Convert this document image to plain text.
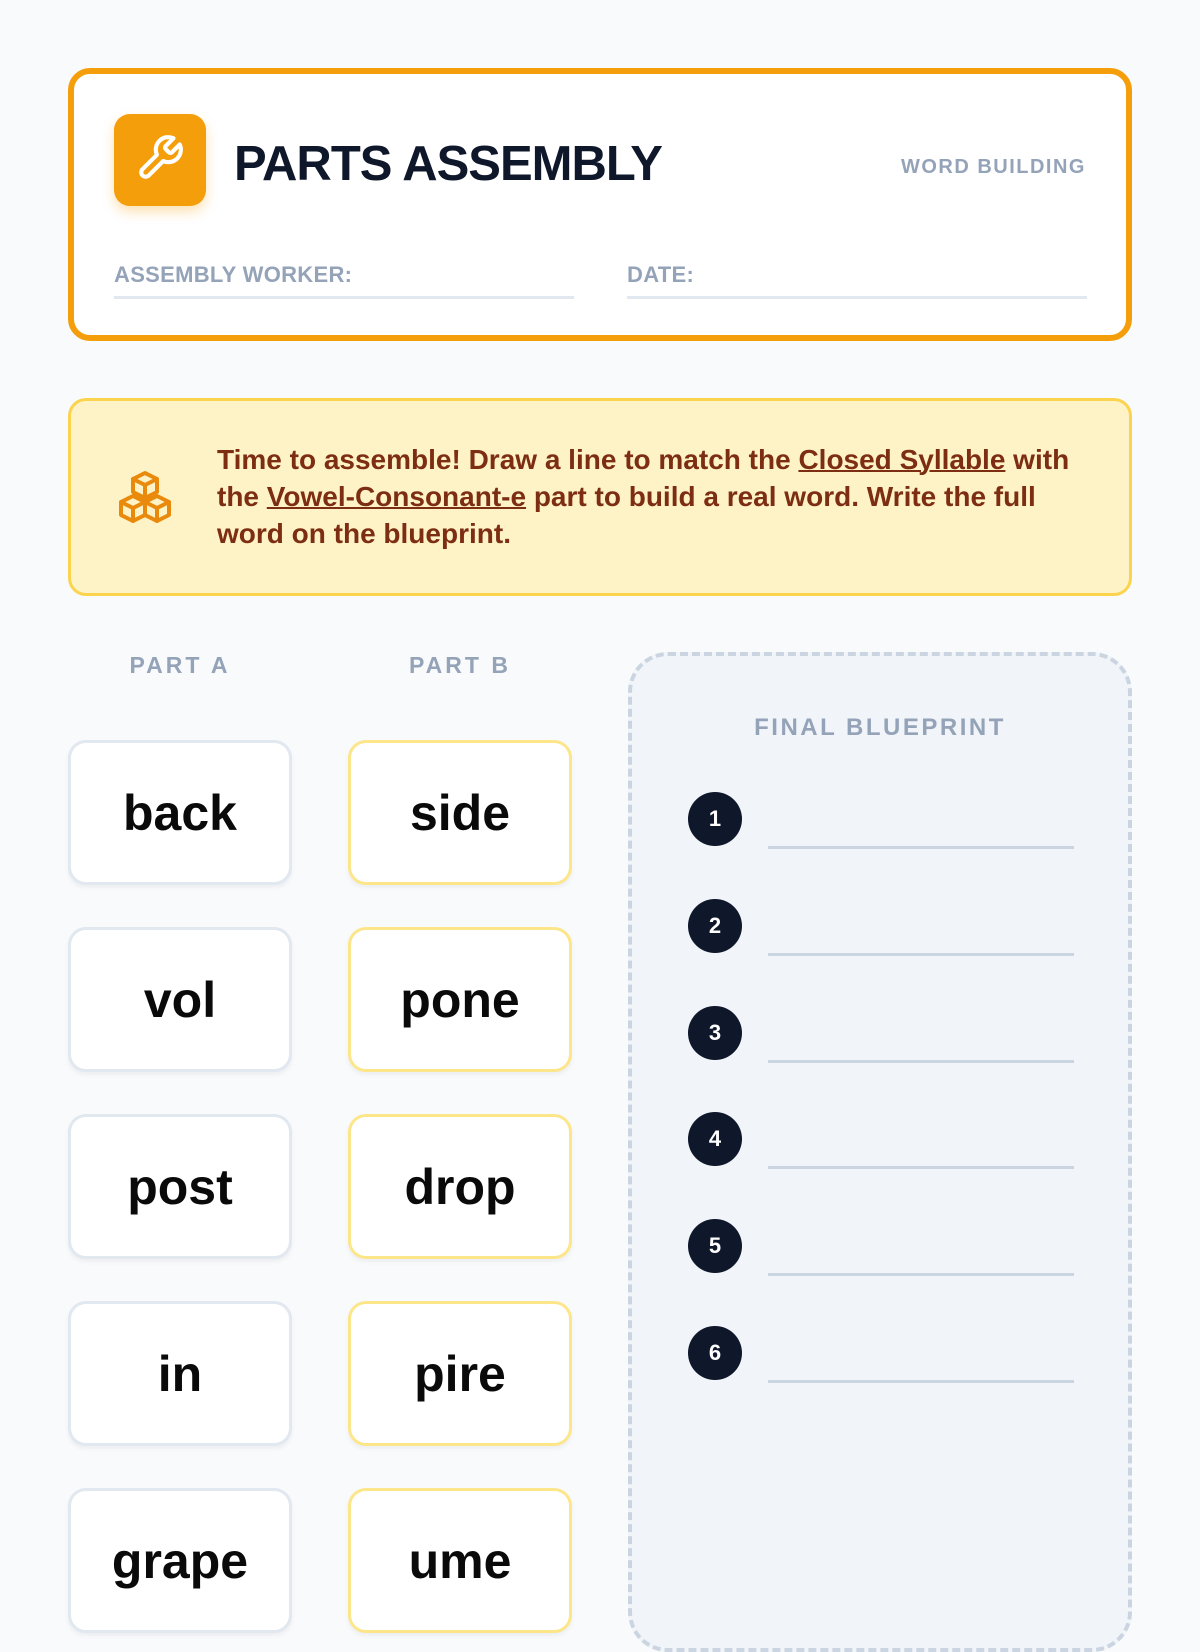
PARTS ASSEMBLY	WORD BUILDING
ASSEMBLY WORKER:	DATE:
Time to assemble! Draw a line to match the Closed Syllable with the Vowel-Consonant-e part to build a real word. Write the full word on the blueprint.
PART A	PART B
back
vol
post
in
grape
side
pone
drop
pire
ume
FINAL BLUEPRINT
1
2
3
4
5
6
